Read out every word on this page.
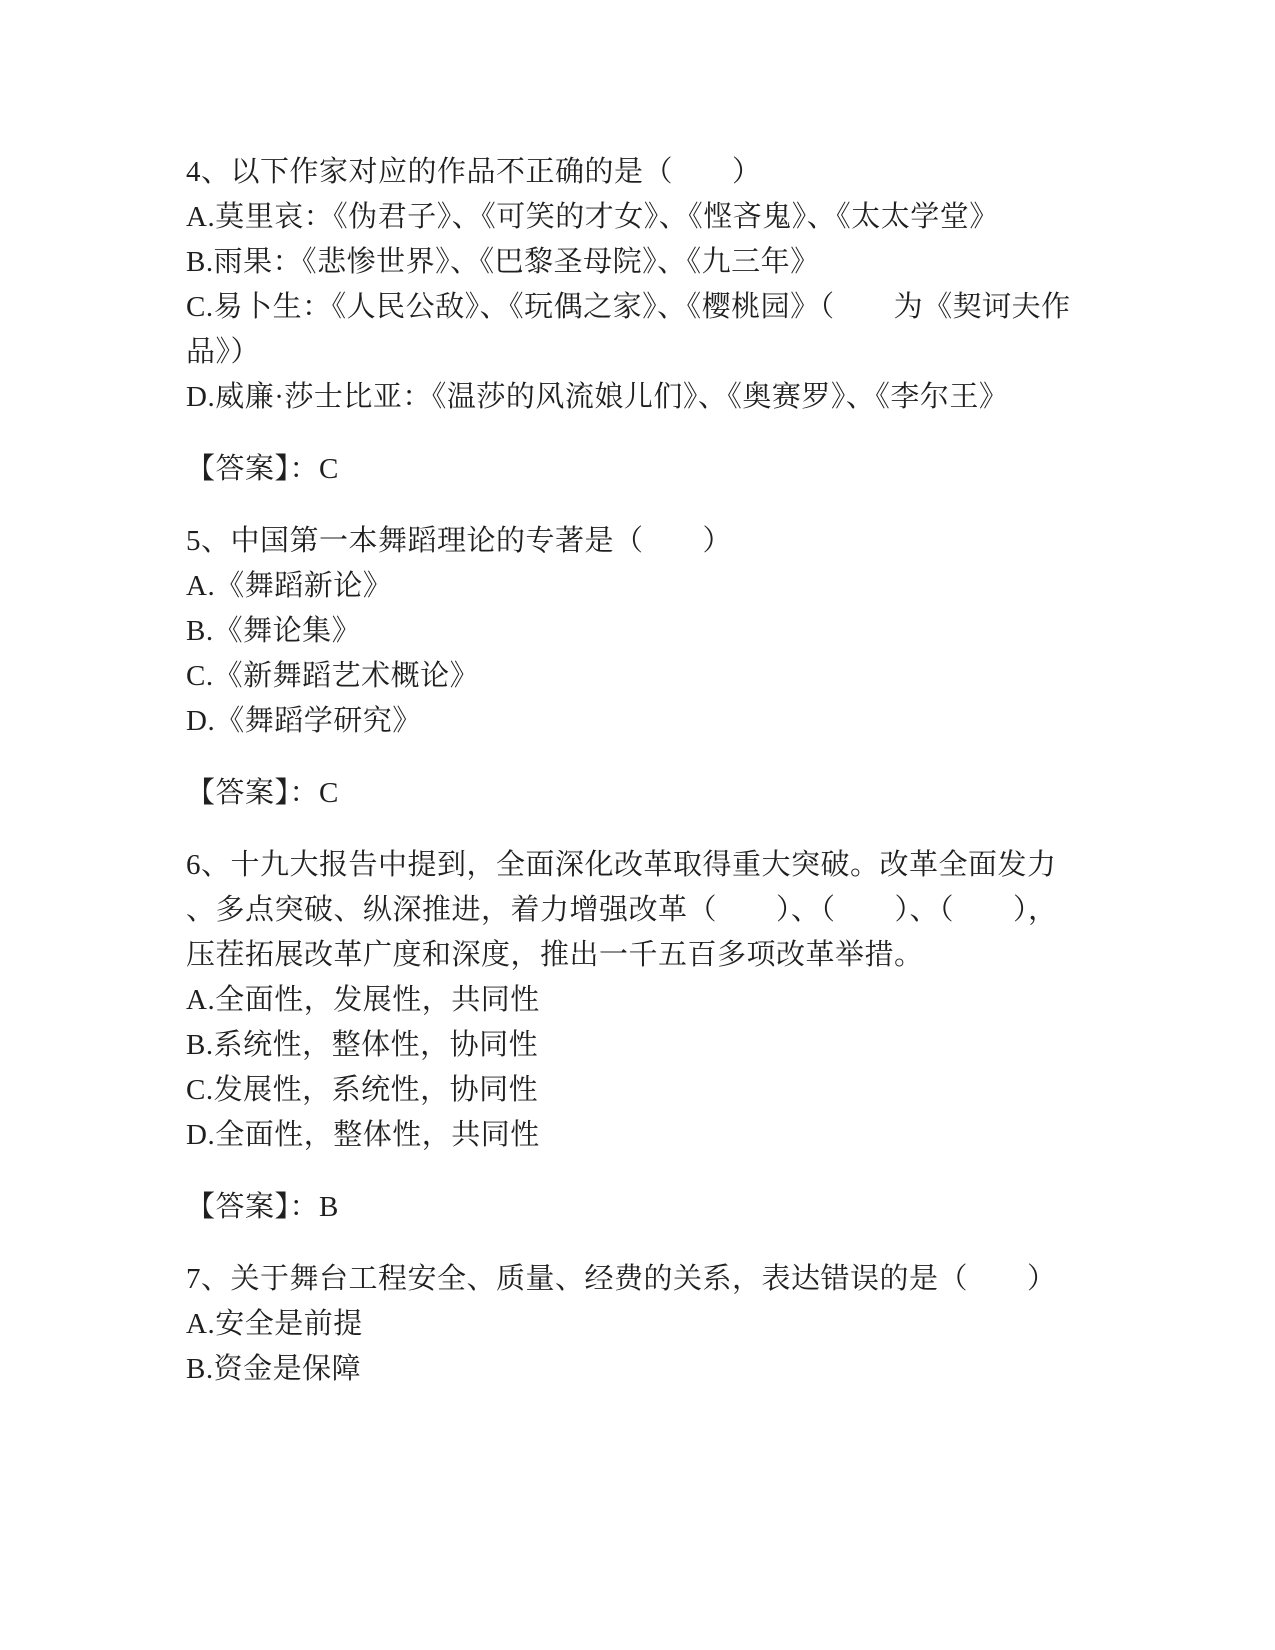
4、以下作家对应的作品不正确的是（　　）
A.莫里哀：《伪君子》、《可笑的才女》、《悭吝鬼》、《太太学堂》
B.雨果：《悲惨世界》、《巴黎圣母院》、《九三年》
C.易卜生：《人民公敌》、《玩偶之家》、《樱桃园》（　　为《契诃夫作品》）
D.威廉·莎士比亚：《温莎的风流娘儿们》、《奥赛罗》、《李尔王》
【答案】：C
5、中国第一本舞蹈理论的专著是（　　）
A.《舞蹈新论》
B.《舞论集》
C.《新舞蹈艺术概论》
D.《舞蹈学研究》
【答案】：C
6、十九大报告中提到，全面深化改革取得重大突破。改革全面发力、多点突破、纵深推进，着力增强改革（　　）、（　　）、（　　），压茬拓展改革广度和深度，推出一千五百多项改革举措。
A.全面性，发展性，共同性
B.系统性，整体性，协同性
C.发展性，系统性，协同性
D.全面性，整体性，共同性
【答案】：B
7、关于舞台工程安全、质量、经费的关系，表达错误的是（　　）
A.安全是前提
B.资金是保障
